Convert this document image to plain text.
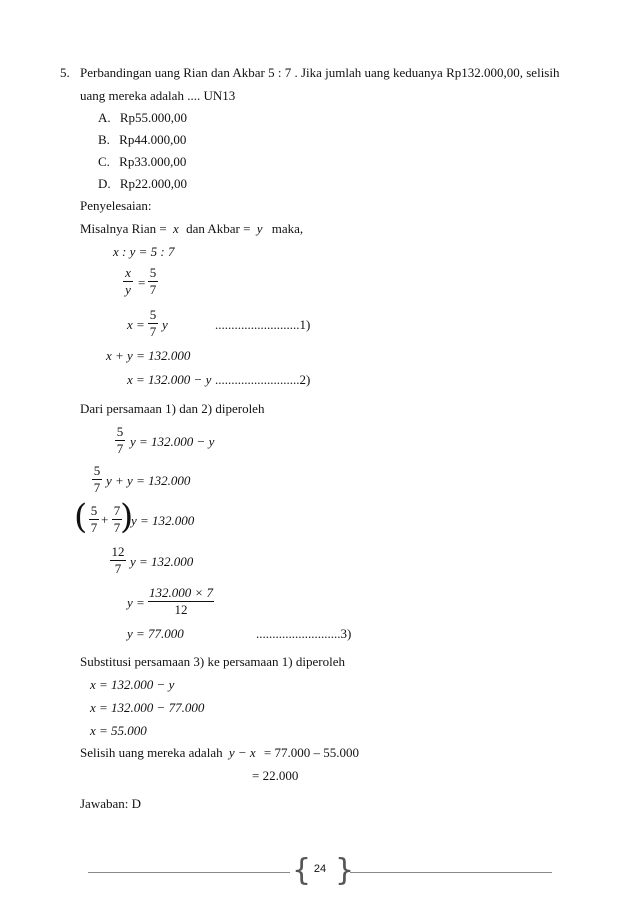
5. Perbandingan uang Rian dan Akbar 5 : 7 . Jika jumlah uang keduanya Rp132.000,00, selisih
uang mereka adalah .... UN13
A. Rp55.000,00
B. Rp44.000,00
C. Rp33.000,00
D. Rp22.000,00
Penyelesaian:
Misalnya Rian = x dan Akbar = y maka,
x : y = 5 : 7
x
y =
5
7
x =
5
7 y	..........................1)
x + y = 132.000
x = 132.000 − y ..........................2)
Dari persamaan 1) dan 2) diperoleh
5
7 y = 132.000 − y
5
7 y + y = 132.000
( 5
7
+
7
7 )
y = 132.000
12
7 y = 132.000
y =
132.000 × 7
12
y = 77.000	..........................3)
Substitusi persamaan 3) ke persamaan 1) diperoleh
x = 132.000 − y
x = 132.000 − 77.000
x = 55.000
Selisih uang mereka adalah y − x = 77.000 – 55.000
= 22.000
Jawaban: D
{ 24 }
